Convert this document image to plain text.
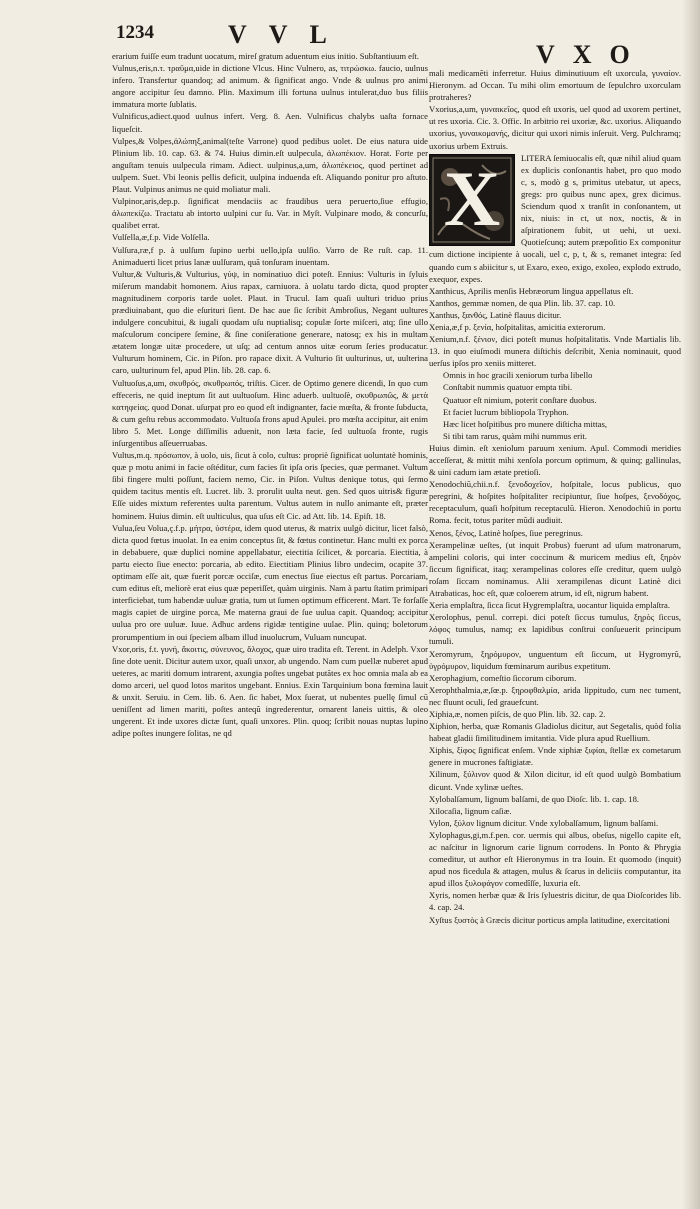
1234	VVL
VXO

erarium fuiſſe eum tradunt uocatum, mireſ gratum aduentum eius initio. Subſtantiuum eſt.

Vulnus,eris,n.τ. τραῦμα,uide in dictione Vlcus. Hinc Vulnero, as, τιτρώσκω. faucio, uulnus infero. Transfertur quandoq; ad animum. & ſignificat ango. Vnde & uulnus pro animi angore accipitur ſeu damno. Plin. Maximum illi fortuna uulnus intulerat,duo bus filiis immatura morte ſublatis.

Vulnificus,adiect.quod uulnus infert. Verg. 8. Aen. Vulnificus chalybs uaſta fornace liqueſcit.

Vulpes,& Volpes,ἀλώπηξ,animal(teſte Varrone) quod pedibus uolet. De eius natura uide Plinium lib. 10. cap. 63. & 74. Huius dimin.eſt uulpecula, ἀλωπέκιον. Horat. Forte per anguſtam tenuis uulpecula rimam. Adiect. uulpinus,a,um, ἀλωπέκειος, quod pertinet ad uulpem. Suet. Vbi leonis pellis deficit, uulpina induenda eſt. Aliquando ponitur pro aſtuto. Plaut. Vulpinus animus ne quid moliatur mali.

Vulpinor,aris,dep.p. ſignificat mendaciis ac fraudibus uera peruerto,ſiue effugio, ἀλωπεκίζω. Tractatu ab intorto uulpini cur ſu. Var. in Myſt. Vulpinare modo, & concurſu, qualibet errat.

Vulſella,æ,f.p. Vide Volſella.

Vulſura,ræ,f p. à uulſum ſupino uerbi uello,ipſa uulſio. Varro de Re ruſt. cap. 11. Animaduerti licet prius lanæ uulſuram, quã tonſuram inuentam.

Vultur,& Vulturis,& Vulturius, γύψ, in nominatiuo dici poteſt. Ennius: Vulturis in ſyluis miſerum mandabit homonem. Aius rapax, carniuora. à uolatu tardo dicta, quod propter magnitudinem corporis tarde uolet. Plaut. in Trucul. Iam quaſi uulturi triduo prius prædiuinabant, quo die eſurituri ſient. De hac aue ſic ſcribit Ambroſius, Negant uultures indulgere concubitui, & iugali quodam uſu nuptialisq; copulæ ſorte miſceri, atq; ſine ullo maſculorum concipere ſemine, & ſine coniſeratione generare, natosq; ex his in multam ætatem longæ uitæ procedere, ut uſq; ad centum annos uitæ eorum ſeries producatur. Vulturum hominem, Cic. in Piſon. pro rapace dixit. A Vulturio ſit uulturinus, ut, uulterina caro, uulturinum fel, apud Plin. lib. 28. cap. 6.

Vultuoſus,a,um, σκυθρός, σκυθρωπός, triſtis. Cicer. de Optimo genere dicendi, In quo cum effeceris, ne quid ineptum ſit aut uultuoſum. Hinc aduerb. uultuoſè, σκυθρωπῶς, & μετὰ κατηφείας. quod Donat. uſurpat pro eo quod eſt indignanter, facie mœſta, & fronte ſubducta, & cum geſtu rebus accommodato. Vultuoſa frons apud Apulei. pro mœſta accipitur, ait enim libro 5. Met. Longe diſſimilis aduenit, non læta facie, ſed uultuoſa fronte, rugis inſurgentibus aſſeuerruabas.

Vultus,m.q. πρόσωπον, à uolo, uis, ſicut à colo, cultus: propriè ſignificat uoluntatè hominis, quæ p motu animi in facie oſtéditur, cum facies ſit ipſa oris ſpecies, quæ permanet. Vultum ſibi fingere multi poſſunt, faciem nemo, Cic. in Piſon. Vultus denique totus, qui ſermo quidem tacitus mentis eſt. Lucret. lib. 3. prorulit uulta neut. gen. Sed quos uitris& figuræ Eſſe uides mixtum referentes uulta parentum. Vultus autem in nullo animante eſt, præter hominem. Huius dimin. eſt uulticulus, qua uſus eſt Cic. ad Att. lib. 14. Epiſt. 18.

Vulua,ſeu Volua,ç.f.p. μήτρα, ὑστέρα, idem quod uterus, & matrix uulgò dicitur, licet falsò, dicta quod fœtus inuolat. In ea enim conceptus ſit, & fœtus continetur. Hanc multi ex porca in debabuere, quæ duplici nomine appellabatur, eiectitia ſcilicet, & porcaria. Eiectitia, à partu eiecto ſiue enecto: porcaria, ab edito. Eiectitiam Plinius libro undecim, ocapite 37. optimam eſſe ait, quæ fuerit porcæ occiſæ, cum enectus ſiue eiectus eſt partus. Porcariam, cum editus eſt, meliorè erat eius quæ peperiſſet, quàm uirginis. Nam à partu ſtatim primipari interficiebat, tum habendæ uuluæ gratia, tum ut ſumen optimum efficerent. Mart. Te forſaſſe magis capiet de uirgine porca, Me materna graui de ſue uulua capit. Quandoq; accipitur uulua pro ore uuluæ. Iuue. Adhuc ardens rigidæ tentigine uulae. Plin. quinq; boletorum prorumpentium in oui ſpeciem albam illud inuolucrum, Vuluam nuncupat.

Vxor,oris, f.t. γυνή, ἄκοιτις, σύνευνος, ἄλοχος, quæ uiro tradita eſt. Terent. in Adelph. Vxor ſine dote uenit. Dicitur autem uxor, quaſi unxor, ab ungendo. Nam cum puellæ nuberet apud ueteres, ac mariti domum intrarent, axungia poſtes ungebat putãtes ex hoc omnia mala ab ea domo arceri, uel quod lotos maritos ungebant. Ennius. Exin Tarquinium bona fœmina lauit & unxit. Seruiu. in Cem. lib. 6. Aen. ſic habet, Mox ſuerat, ut nubentes puellę ſimul cū ueniſſent ad limen mariti, poſtes anteqũ ingrederentur, ornarent laneis uittis, & oleo ungerent. Et inde uxores dictæ ſunt, quaſi unxores. Plin. quoq; ſcribit nouas nuptas lupino adipe poſtes inungere ſolitas, ne qd

mali medicamẽti inferretur. Huius diminutiuum eſt uxorcula, γυναίον. Hieronym. ad Occan. Tu mihi olim emortuum de ſepulchro uxorculam protraheres?

Vxorius,a,um, γυναικεῖος, quod eſt uxoris, uel quod ad uxorem pertinet, ut res uxoria. Cic. 3. Offic. In arbitrio rei uxoriæ, &c. uxorius. Aliquando uxorius, γυναικομανής, dicitur qui uxori nimis inſeruit. Verg. Pulchramq; uxorius urbem Extruis.

X	LITERA ſemiuocalis eſt, quæ nihil aliud quam ex duplicis conſonantis habet, pro quo modo c, s, modò g s, primitus utebatur, ut apecs, gregs: pro quibus nunc apex, grex dicimus. Sciendum quod x tranſit in conſonantem, ut nix, niuis: in ct, ut nox, noctis, & in aſpirationem ſubit, ut uehi, ut uexi. Quotieſcunq; autem præpoſitio Ex componitur cum dictione incipiente à uocali, uel c, p, t, & s, remanet integra: ſed quando cum s abiicitur s, ut Exaro, exeo, exigo, exoleo, explodo extrudo, exequor, expes.

Xanthicus, Aprilis menſis Hebræorum lingua appellatus eſt.

Xanthos, gemmæ nomen, de qua Plin. lib. 37. cap. 10.

Xanthus, ξανθός, Latinè flauus dicitur.

Xenia,æ,f p. ξενία, hoſpitalitas, amicitia exterorum.

Xenium,n.f. ξένιον, dici poteſt munus hoſpitalitatis. Vnde Martialis lib. 13. in quo eiuſmodi munera diſtichis deſcribit, Xenia nominauit, quod uerſus ipſos pro xeniis mitteret.

Omnis in hoc gracili xeniorum turba libello

Conſtabit nummis quatuor empta tibi.

Quatuor eſt nimium, poterit conſtare duobus.

Et faciet lucrum bibliopola Tryphon.

Hæc licet hoſpitibus pro munere diſticha mittas,

Si tibi tam rarus, quàm mihi nummus erit.

Huius dimin. eſt xeniolum paruum xenium. Apul. Commodi meridies acceſſerat, & mittit mihi xenſola porcum optimum, & quinq; gallinulas, & uini cadum iam ætate pretioſi.

Xenodochiũ,chii.n.f. ξενοδοχεῖον, hoſpitale, locus publicus, quo peregrini, & hoſpites hoſpitaliter recipiuntur, ſiue hoſpes, ξενοδόχος, receptaculum, quaſi hoſpitum receptaculũ. Hieron. Xenodochiũ in portu Roma. fecit, totus pariter mũdi audiuit.

Xenos, ξένος, Latinè hoſpes, ſiue peregrinus.

Xerampelinæ ueſtes, (ut inquit Probus) fuerunt ad uſum matronarum, ampelini coloris, qui inter coccinum & muricem medius eſt, ξηρὸν ſiccum ſignificat, itaq; xerampelinas colores eſſe creditur, quem uulgò roſam ſiccam nominamus. Alii xerampilenas dicunt Latinè dici Atrabaticas, hoc eſt, quæ coloerem atrum, id eſt, nigrum habent.

Xeria emplaſtra, ſicca ſicut Hygremplaſtra, uocantur liquida emplaſtra.

Xerolophus, penul. correpi. dici poteſt ſiccus tumulus, ξηρὸς ſiccus, λόφος tumulus, namq; ex lapidibus conſtrui conſueuerit principum tumuli.

Xeromyrum, ξηρόμυρον, unguentum eſt ſiccum, ut Hygromyrũ, ὑγρόμυρον, liquidum fœminarum auribus expetitum.

Xerophagium, comeſtio ſiccorum ciborum.

Xerophthalmia,æ,ſœ.p. ξηροφθαλμία, arida lippitudo, cum nec tument, nec fluunt oculi, ſed grauefcunt.

Xiphia,æ, nomen piſcis, de quo Plin. lib. 32. cap. 2.

Xiphion, herba, quæ Romanis Gladiolus dicitur, aut Segetalis, quòd folia habeat gladii ſimilitudinem imitantia. Vide plura apud Ruellium.

Xiphis, ξίφος ſignificat enſem. Vnde xiphiæ ξιφίαι, ſtellæ ex cometarum genere in mucrones faſtigiatæ.

Xilinum, ξύλινον quod & Xilon dicitur, id eſt quod uulgò Bombatium dicunt. Vnde xylinæ ueſtes.

Xylobalſamum, lignum balſami, de quo Dioſc. lib. 1. cap. 18.

Xilocaſia, lignum caſiæ.

Vylon, ξύλον lignum dicitur. Vnde xylobalſamum, lignum balſami.

Xylophagus,gi,m.f.pen. cor. uermis qui albus, obeſus, nigello capite eſt, ac naſcitur in lignorum carie lignum corrodens. In Ponto & Phrygia comeditur, ut author eſt Hieronymus in tra Iouin. Et quomodo (inquit) apud nos ficedula & attagen, mulus & ſcarus in deliciis computantur, ita apud illos ξυλοφάγον comedîſſe, luxuria eſt.

Xyris, nomen herbæ quæ & Iris ſyluestris dicitur, de qua Dioſcorides lib. 4. cap. 24.

Xyſtus ξυστὸς à Græcis dicitur porticus ampla latitudine, exercitationi
